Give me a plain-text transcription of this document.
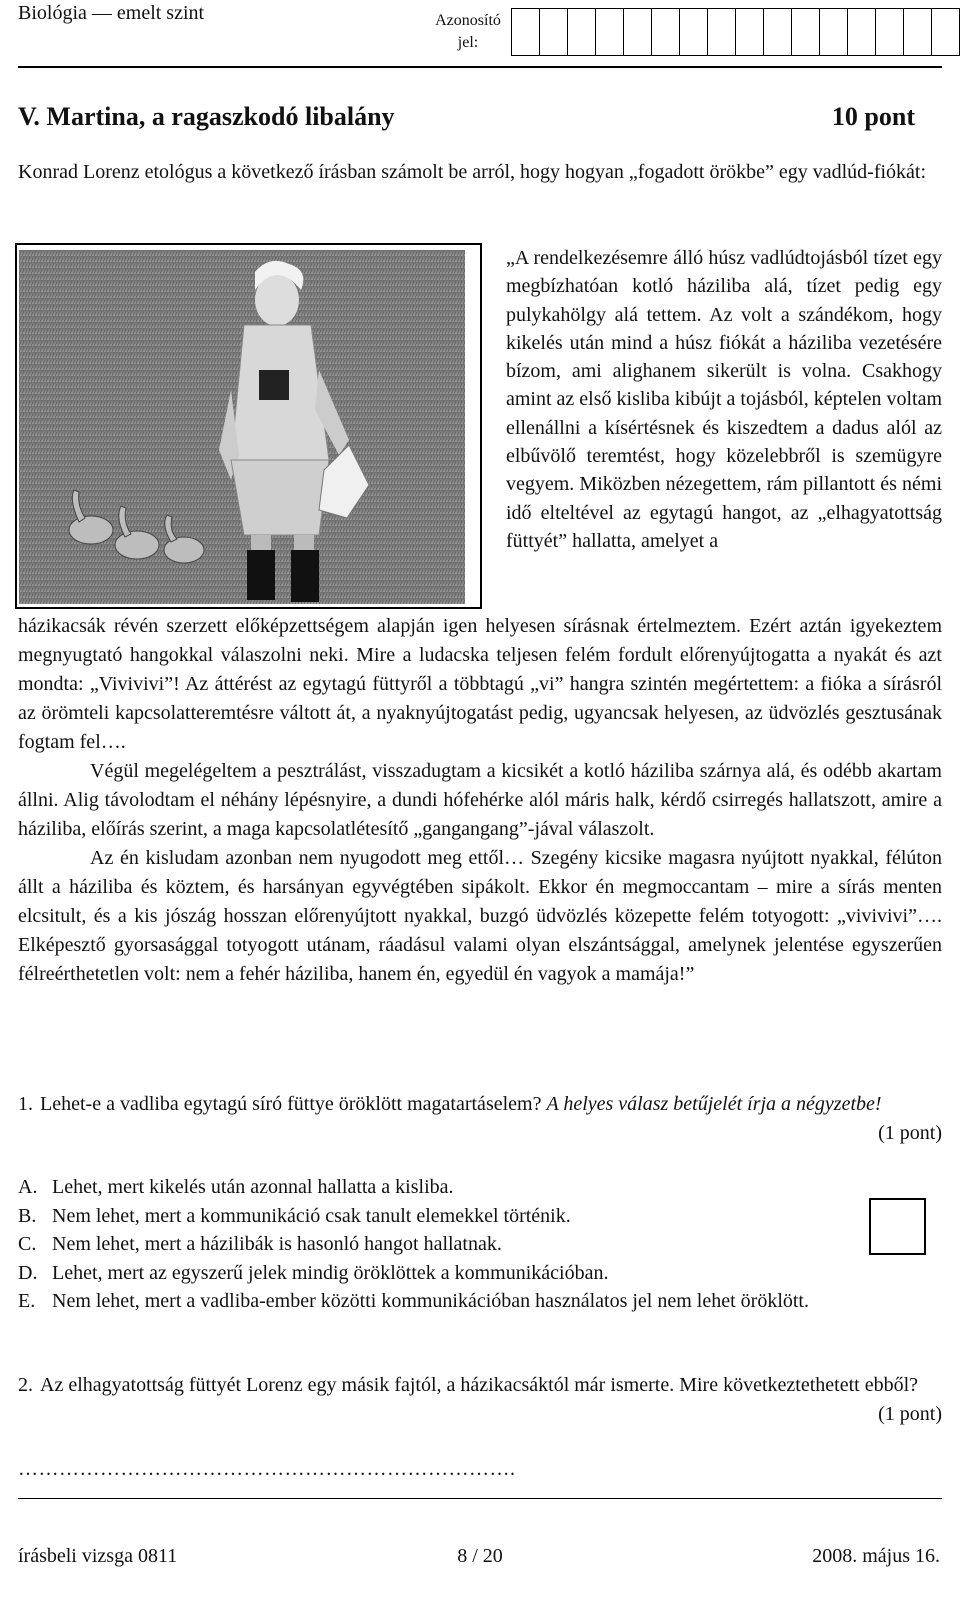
Biológia — emelt szint	Azonosító jel:
V. Martina, a ragaszkodó libalány	10 pont
Konrad Lorenz etológus a következő írásban számolt be arról, hogy hogyan „fogadott örökbe” egy vadlúd-fiókát:

„A rendelkezésemre álló húsz vadlúdtojásból tízet egy megbízhatóan kotló háziliba alá, tízet pedig egy pulykahölgy alá tettem. Az volt a szándékom, hogy kikelés után mind a húsz fiókát a háziliba vezetésére bízom, ami alighanem sikerült is volna. Csakhogy amint az első kisliba kibújt a tojásból, képtelen voltam ellenállni a kísértésnek és kiszedtem a dadus alól az elbűvölő teremtést, hogy közelebbről is szemügyre vegyem. Miközben nézegettem, rám pillantott és némi idő elteltével az egytagú hangot, az „elhagyatottság füttyét” hallatta, amelyet a

házikacsák révén szerzett előképzettségem alapján igen helyesen sírásnak értelmeztem. Ezért aztán igyekeztem megnyugtató hangokkal válaszolni neki. Mire a ludacska teljesen felém fordult előrenyújtogatta a nyakát és azt mondta: „Vivivivi”! Az áttérést az egytagú füttyről a többtagú „vi” hangra szintén megértettem: a fióka a sírásról az örömteli kapcsolatteremtésre váltott át, a nyaknyújtogatást pedig, ugyancsak helyesen, az üdvözlés gesztusának fogtam fel….

Végül megelégeltem a pesztrálást, visszadugtam a kicsikét a kotló háziliba szárnya alá, és odébb akartam állni. Alig távolodtam el néhány lépésnyire, a dundi hófehérke alól máris halk, kérdő csirregés hallatszott, amire a háziliba, előírás szerint, a maga kapcsolatlétesítő „gangangang”-jával válaszolt.

Az én kisludam azonban nem nyugodott meg ettől… Szegény kicsike magasra nyújtott nyakkal, félúton állt a háziliba és köztem, és harsányan egyvégtében sipákolt. Ekkor én megmoccantam – mire a sírás menten elcsitult, és a kis jószág hosszan előrenyújtott nyakkal, buzgó üdvözlés közepette felém totyogott: „vivivivi”…. Elképesztő gyorsasággal totyogott utánam, ráadásul valami olyan elszántsággal, amelynek jelentése egyszerűen félreérthetetlen volt: nem a fehér háziliba, hanem én, egyedül én vagyok a mamája!”

1. Lehet-e a vadliba egytagú síró füttye öröklött magatartáselem? A helyes válasz betűjelét írja a négyzetbe!
(1 pont)
A. Lehet, mert kikelés után azonnal hallatta a kisliba.
B. Nem lehet, mert a kommunikáció csak tanult elemekkel történik.
C. Nem lehet, mert a házilibák is hasonló hangot hallatnak.
D. Lehet, mert az egyszerű jelek mindig öröklöttek a kommunikációban.
E. Nem lehet, mert a vadliba-ember közötti kommunikációban használatos jel nem lehet öröklött.
2. Az elhagyatottság füttyét Lorenz egy másik fajtól, a házikacsáktól már ismerte. Mire következtethetett ebből?
(1 pont)
……………………………………………………………….
írásbeli vizsga 0811	8 / 20	2008. május 16.
